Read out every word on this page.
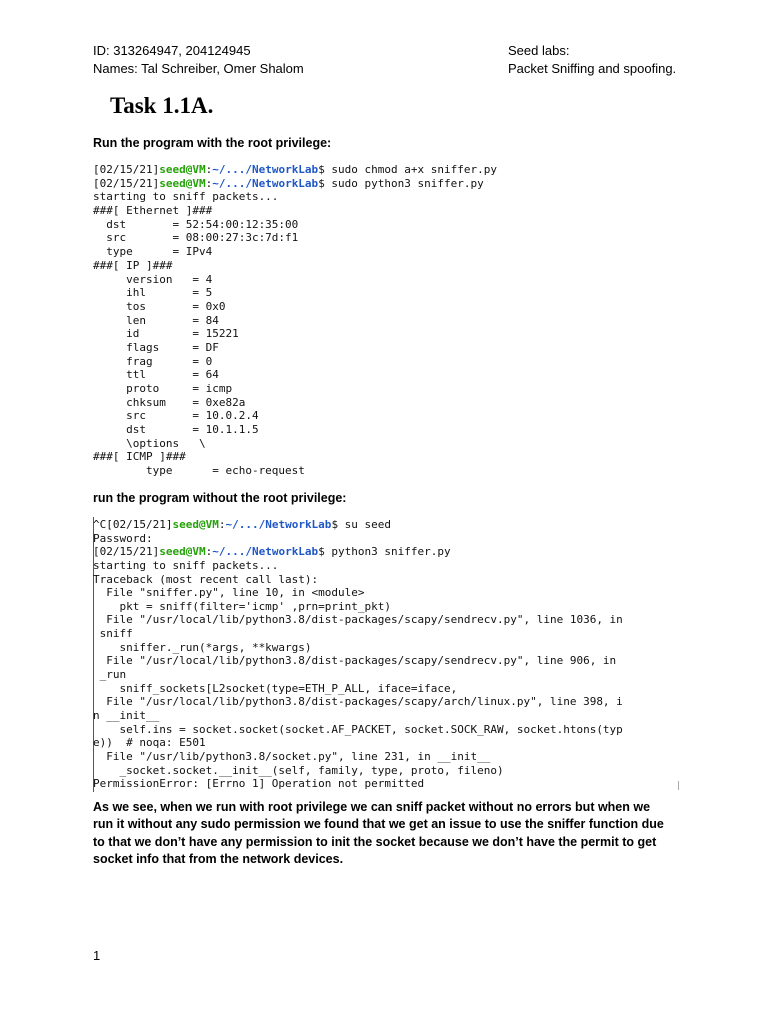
ID: 313264947, 204124945
Names: Tal Schreiber, Omer Shalom
Seed labs:
Packet Sniffing and spoofing.
Task 1.1A.
Run the program with the root privilege:
[02/15/21]seed@VM:~/.../NetworkLab$ sudo chmod a+x sniffer.py
[02/15/21]seed@VM:~/.../NetworkLab$ sudo python3 sniffer.py
starting to sniff packets...
###[ Ethernet ]###
dst       = 52:54:00:12:35:00
src       = 08:00:27:3c:7d:f1
type      = IPv4
###[ IP ]###
version   = 4
ihl       = 5
tos       = 0x0
len       = 84
id        = 15221
flags     = DF
frag      = 0
ttl       = 64
proto     = icmp
chksum    = 0xe82a
src       = 10.0.2.4
dst       = 10.1.1.5
\options   \
###[ ICMP ]###
type      = echo-request
run the program without the root privilege:
^C[02/15/21]seed@VM:~/.../NetworkLab$ su seed
Password:
[02/15/21]seed@VM:~/.../NetworkLab$ python3 sniffer.py
starting to sniff packets...
Traceback (most recent call last):
File "sniffer.py", line 10, in <module>
pkt = sniff(filter='icmp' ,prn=print_pkt)
File "/usr/local/lib/python3.8/dist-packages/scapy/sendrecv.py", line 1036, in
sniff
sniffer._run(*args, **kwargs)
File "/usr/local/lib/python3.8/dist-packages/scapy/sendrecv.py", line 906, in
_run
sniff_sockets[L2socket(type=ETH_P_ALL, iface=iface,
File "/usr/local/lib/python3.8/dist-packages/scapy/arch/linux.py", line 398, i
n __init__
self.ins = socket.socket(socket.AF_PACKET, socket.SOCK_RAW, socket.htons(typ
e))  # noqa: E501
File "/usr/lib/python3.8/socket.py", line 231, in __init__
_socket.socket.__init__(self, family, type, proto, fileno)
PermissionError: [Errno 1] Operation not permitted
As we see, when we run with root privilege we can sniff packet without no errors but when we
run it without any sudo permission we found that we get an issue to use the sniffer function due
to that we don’t have any permission to init the socket because we don’t have the permit to get
socket info that from the network devices.
1
